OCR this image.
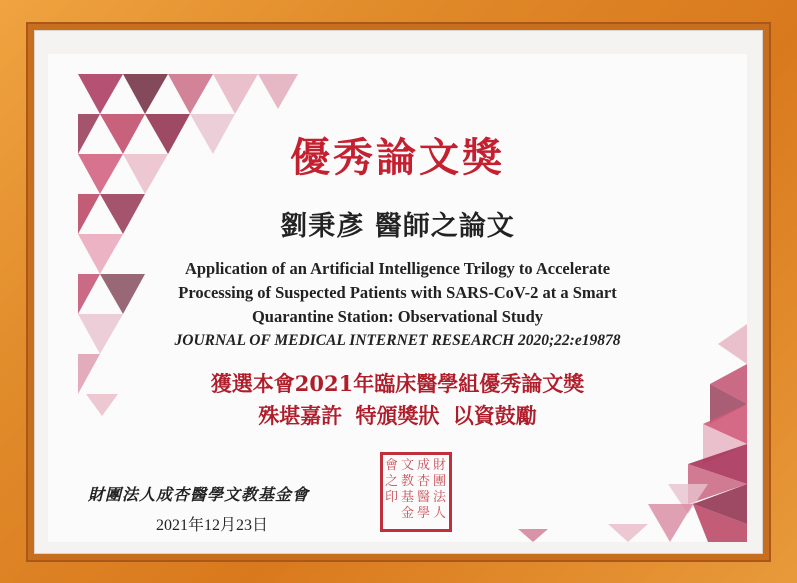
優秀論文獎
劉秉彥 醫師之論文
Application of an Artificial Intelligence Trilogy to Accelerate
Processing of Suspected Patients with SARS-CoV-2 at a Smart
Quarantine Station: Observational Study
JOURNAL OF MEDICAL INTERNET RESEARCH 2020;22:e19878
獲選本會2021年臨床醫學組優秀論文獎
殊堪嘉許 特頒獎狀 以資鼓勵
財團法人成杏醫學文教基金會
2021年12月23日
財
團
法
人
成
杏
醫
學
文
教
基
金
會
之
印
